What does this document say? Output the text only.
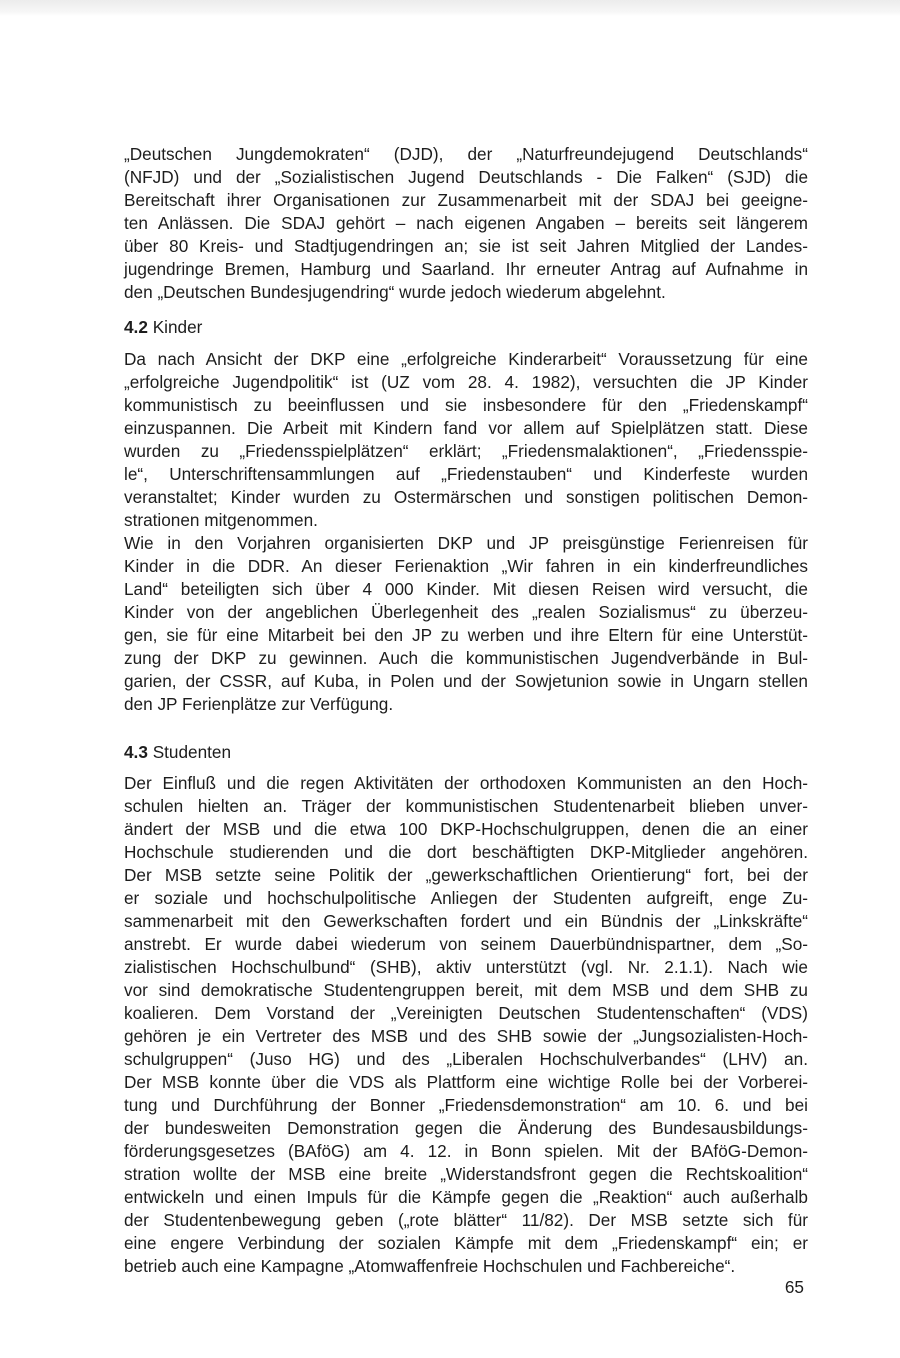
„Deutschen Jungdemokraten“ (DJD), der „Naturfreundejugend Deutschlands“

(NFJD) und der „Sozialistischen Jugend Deutschlands - Die Falken“ (SJD) die

Bereitschaft ihrer Organisationen zur Zusammenarbeit mit der SDAJ bei geeigne-

ten Anlässen. Die SDAJ gehört – nach eigenen Angaben – bereits seit längerem

über 80 Kreis- und Stadtjugendringen an; sie ist seit Jahren Mitglied der Landes-

jugendringe Bremen, Hamburg und Saarland. Ihr erneuter Antrag auf Aufnahme in

den „Deutschen Bundesjugendring“ wurde jedoch wiederum abgelehnt.

4.2 Kinder

Da nach Ansicht der DKP eine „erfolgreiche Kinderarbeit“ Voraussetzung für eine

„erfolgreiche Jugendpolitik“ ist (UZ vom 28. 4. 1982), versuchten die JP Kinder

kommunistisch zu beeinflussen und sie insbesondere für den „Friedenskampf“

einzuspannen. Die Arbeit mit Kindern fand vor allem auf Spielplätzen statt. Diese

wurden zu „Friedensspielplätzen“ erklärt; „Friedensmalaktionen“, „Friedensspie-

le“, Unterschriftensammlungen auf „Friedenstauben“ und Kinderfeste wurden

veranstaltet; Kinder wurden zu Ostermärschen und sonstigen politischen Demon-

strationen mitgenommen.

Wie in den Vorjahren organisierten DKP und JP preisgünstige Ferienreisen für

Kinder in die DDR. An dieser Ferienaktion „Wir fahren in ein kinderfreundliches

Land“ beteiligten sich über 4 000 Kinder. Mit diesen Reisen wird versucht, die

Kinder von der angeblichen Überlegenheit des „realen Sozialismus“ zu überzeu-

gen, sie für eine Mitarbeit bei den JP zu werben und ihre Eltern für eine Unterstüt-

zung der DKP zu gewinnen. Auch die kommunistischen Jugendverbände in Bul-

garien, der CSSR, auf Kuba, in Polen und der Sowjetunion sowie in Ungarn stellen

den JP Ferienplätze zur Verfügung.

4.3 Studenten

Der Einfluß und die regen Aktivitäten der orthodoxen Kommunisten an den Hoch-

schulen hielten an. Träger der kommunistischen Studentenarbeit blieben unver-

ändert der MSB und die etwa 100 DKP-Hochschulgruppen, denen die an einer

Hochschule studierenden und die dort beschäftigten DKP-Mitglieder angehören.

Der MSB setzte seine Politik der „gewerkschaftlichen Orientierung“ fort, bei der

er soziale und hochschulpolitische Anliegen der Studenten aufgreift, enge Zu-

sammenarbeit mit den Gewerkschaften fordert und ein Bündnis der „Linkskräfte“

anstrebt. Er wurde dabei wiederum von seinem Dauerbündnispartner, dem „So-

zialistischen Hochschulbund“ (SHB), aktiv unterstützt (vgl. Nr. 2.1.1). Nach wie

vor sind demokratische Studentengruppen bereit, mit dem MSB und dem SHB zu

koalieren. Dem Vorstand der „Vereinigten Deutschen Studentenschaften“ (VDS)

gehören je ein Vertreter des MSB und des SHB sowie der „Jungsozialisten-Hoch-

schulgruppen“ (Juso HG) und des „Liberalen Hochschulverbandes“ (LHV) an.

Der MSB konnte über die VDS als Plattform eine wichtige Rolle bei der Vorberei-

tung und Durchführung der Bonner „Friedensdemonstration“ am 10. 6. und bei

der bundesweiten Demonstration gegen die Änderung des Bundesausbildungs-

förderungsgesetzes (BAföG) am 4. 12. in Bonn spielen. Mit der BAföG-Demon-

stration wollte der MSB eine breite „Widerstandsfront gegen die Rechtskoalition“

entwickeln und einen Impuls für die Kämpfe gegen die „Reaktion“ auch außerhalb

der Studentenbewegung geben („rote blätter“ 11/82). Der MSB setzte sich für

eine engere Verbindung der sozialen Kämpfe mit dem „Friedenskampf“ ein; er

betrieb auch eine Kampagne „Atomwaffenfreie Hochschulen und Fachbereiche“.

65
